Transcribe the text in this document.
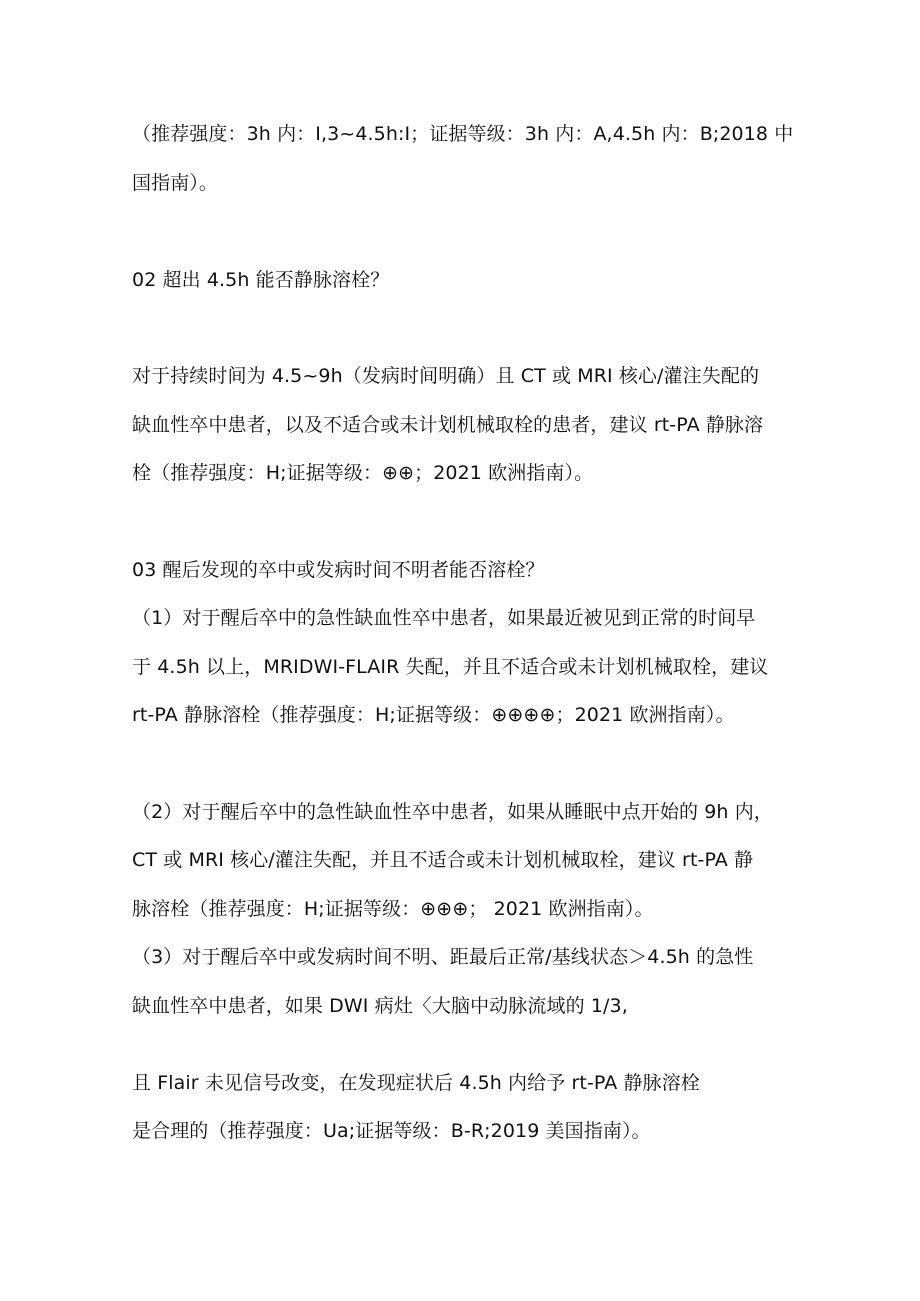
（推荐强度：3h 内：I,3~4.5h:I；证据等级：3h 内：A,4.5h 内：B;2018 中
国指南）。
02 超出 4.5h 能否静脉溶栓？
对于持续时间为 4.5~9h（发病时间明确）且 CT 或 MRI 核心/灌注失配的
缺血性卒中患者，以及不适合或未计划机械取栓的患者，建议 rt-PA 静脉溶
栓（推荐强度：H;证据等级：⊕⊕；2021 欧洲指南）。
03 醒后发现的卒中或发病时间不明者能否溶栓？
（1）对于醒后卒中的急性缺血性卒中患者，如果最近被见到正常的时间早
于 4.5h 以上，MRIDWI-FLAIR 失配，并且不适合或未计划机械取栓，建议
rt-PA 静脉溶栓（推荐强度：H;证据等级：⊕⊕⊕⊕；2021 欧洲指南）。
（2）对于醒后卒中的急性缺血性卒中患者，如果从睡眠中点开始的 9h 内，
CT 或 MRI 核心/灌注失配，并且不适合或未计划机械取栓，建议 rt-PA 静
脉溶栓（推荐强度：H;证据等级：⊕⊕⊕； 2021 欧洲指南）。
（3）对于醒后卒中或发病时间不明、距最后正常/基线状态＞4.5h 的急性
缺血性卒中患者，如果 DWI 病灶〈大脑中动脉流域的 1/3,
且 Flair 未见信号改变，在发现症状后 4.5h 内给予 rt-PA 静脉溶栓
是合理的（推荐强度：Ua;证据等级：B-R;2019 美国指南）。
